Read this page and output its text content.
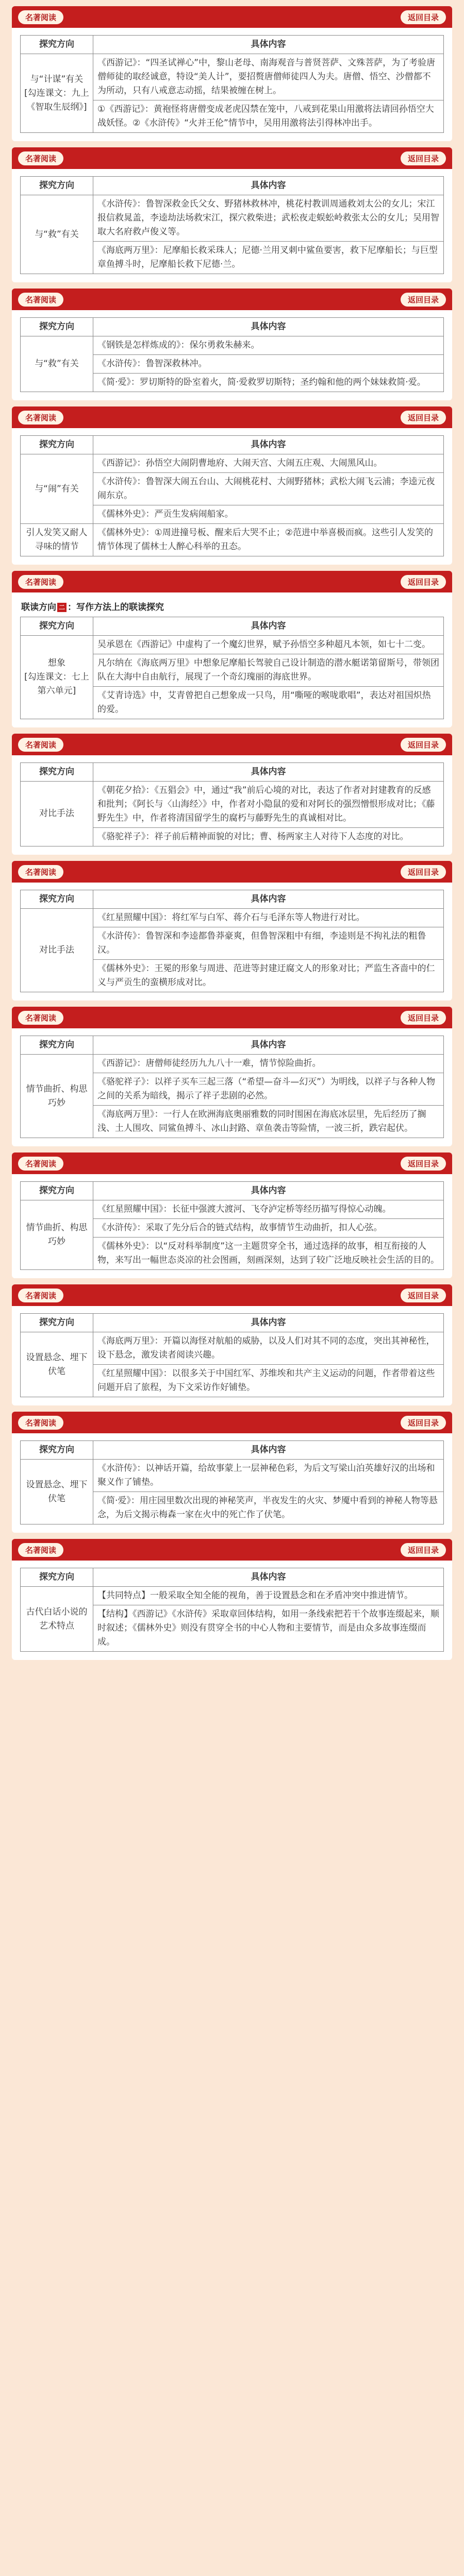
名著阅读	返回目录
探究方向	具体内容
与“计谋”有关
[勾连课文：九上《智取生辰纲》]	《西游记》：“四圣试禅心”中，黎山老母、南海观音与普贤菩萨、文殊菩萨，为了考验唐僧师徒的取经诚意，特设“美人计”，要招赘唐僧师徒四人为夫。唐僧、悟空、沙僧都不为所动，只有八戒意志动摇，结果被缠在树上。
	①《西游记》：黄袍怪将唐僧变成老虎囚禁在笼中，八戒到花果山用激将法请回孙悟空大战妖怪。②《水浒传》“火并王伦”情节中，吴用用激将法引得林冲出手。
名著阅读	返回目录
探究方向	具体内容
与“救”有关	《水浒传》：鲁智深救金氏父女、野猪林救林冲，桃花村教训周通救刘太公的女儿；宋江报信救晁盖，李逵劫法场救宋江，探穴救柴进；武松夜走蜈蚣岭救张太公的女儿；吴用智取大名府救卢俊义等。
	《海底两万里》：尼摩船长救采珠人；尼德·兰用叉刺中鲨鱼要害，救下尼摩船长；与巨型章鱼搏斗时，尼摩船长救下尼德·兰。
名著阅读	返回目录
探究方向	具体内容
与“救”有关	《钢铁是怎样炼成的》：保尔勇救朱赫来。
	《水浒传》：鲁智深救林冲。
	《简·爱》：罗切斯特的卧室着火，简·爱救罗切斯特；圣约翰和他的两个妹妹救简·爱。
名著阅读	返回目录
探究方向	具体内容
与“闹”有关	《西游记》：孙悟空大闹阴曹地府、大闹天宫、大闹五庄观、大闹黑风山。
	《水浒传》：鲁智深大闹五台山、大闹桃花村、大闹野猪林；武松大闹飞云浦；李逵元夜闹东京。
	《儒林外史》：严贡生发病闹船家。
引人发笑又耐人寻味的情节	《儒林外史》：①周进撞号板、醒来后大哭不止；②范进中举喜极而疯。这些引人发笑的情节体现了儒林士人醉心科举的丑态。
名著阅读	返回目录
联读方向 二 ：写作方法上的联读探究
探究方向	具体内容
想象
[勾连课文：七上第六单元]	吴承恩在《西游记》中虚构了一个魔幻世界，赋予孙悟空多种超凡本领，如七十二变。
	凡尔纳在《海底两万里》中想象尼摩船长驾驶自己设计制造的潜水艇诺第留斯号，带领团队在大海中自由航行，展现了一个奇幻瑰丽的海底世界。
	《艾青诗选》中，艾青曾把自己想象成一只鸟，用“嘶哑的喉咙歌唱”，表达对祖国炽热的爱。
名著阅读	返回目录
探究方向	具体内容
对比手法	《朝花夕拾》：《五猖会》中，通过“我”前后心境的对比，表达了作者对封建教育的反感和批判；《阿长与〈山海经〉》中，作者对小隐鼠的爱和对阿长的强烈憎恨形成对比；《藤野先生》中，作者将清国留学生的腐朽与藤野先生的真诚相对比。
	《骆驼祥子》：祥子前后精神面貌的对比；曹、杨两家主人对待下人态度的对比。
名著阅读	返回目录
探究方向	具体内容
对比手法	《红星照耀中国》：将红军与白军、蒋介石与毛泽东等人物进行对比。
	《水浒传》：鲁智深和李逵都鲁莽豪爽，但鲁智深粗中有细，李逵则是不拘礼法的粗鲁汉。
	《儒林外史》：王冕的形象与周进、范进等封建迂腐文人的形象对比；严监生吝啬中的仁义与严贡生的蛮横形成对比。
名著阅读	返回目录
探究方向	具体内容
情节曲折、构思巧妙	《西游记》：唐僧师徒经历九九八十一难，情节惊险曲折。
	《骆驼祥子》：以祥子买车三起三落（“希望—奋斗—幻灭”）为明线，以祥子与各种人物之间的关系为暗线，揭示了祥子悲剧的必然。
	《海底两万里》：一行人在欧洲海底奥丽雅数的同时围困在海底冰层里，先后经历了搁浅、土人围攻、同鲨鱼搏斗、冰山封路、章鱼袭击等险情，一波三折，跌宕起伏。
名著阅读	返回目录
探究方向	具体内容
情节曲折、构思巧妙	《红星照耀中国》：长征中强渡大渡河、飞夺泸定桥等经历描写得惊心动魄。
	《水浒传》：采取了先分后合的链式结构，故事情节生动曲折，扣人心弦。
	《儒林外史》：以“反对科举制度”这一主题贯穿全书，通过选择的故事，相互衔接的人物，来写出一幅世态炎凉的社会图画，刻画深刻，达到了较广泛地反映社会生活的目的。
名著阅读	返回目录
探究方向	具体内容
设置悬念、埋下伏笔	《海底两万里》：开篇以海怪对航船的威胁，以及人们对其不同的态度，突出其神秘性，设下悬念，激发读者阅读兴趣。
	《红星照耀中国》：以很多关于中国红军、苏维埃和共产主义运动的问题，作者带着这些问题开启了旅程，为下文采访作好铺垫。
名著阅读	返回目录
探究方向	具体内容
设置悬念、埋下伏笔	《水浒传》：以神话开篇，给故事蒙上一层神秘色彩，为后文写梁山泊英雄好汉的出场和聚义作了铺垫。
	《简·爱》：用庄园里数次出现的神秘笑声，半夜发生的火灾、梦魇中看到的神秘人物等悬念，为后文揭示梅森一家在火中的死亡作了伏笔。
名著阅读	返回目录
探究方向	具体内容
古代白话小说的艺术特点	【共同特点】一般采取全知全能的视角，善于设置悬念和在矛盾冲突中推进情节。
	【结构】《西游记》《水浒传》采取章回体结构，如用一条线索把若干个故事连缀起来，顺时叙述；《儒林外史》则没有贯穿全书的中心人物和主要情节，而是由众多故事连缀而成。
